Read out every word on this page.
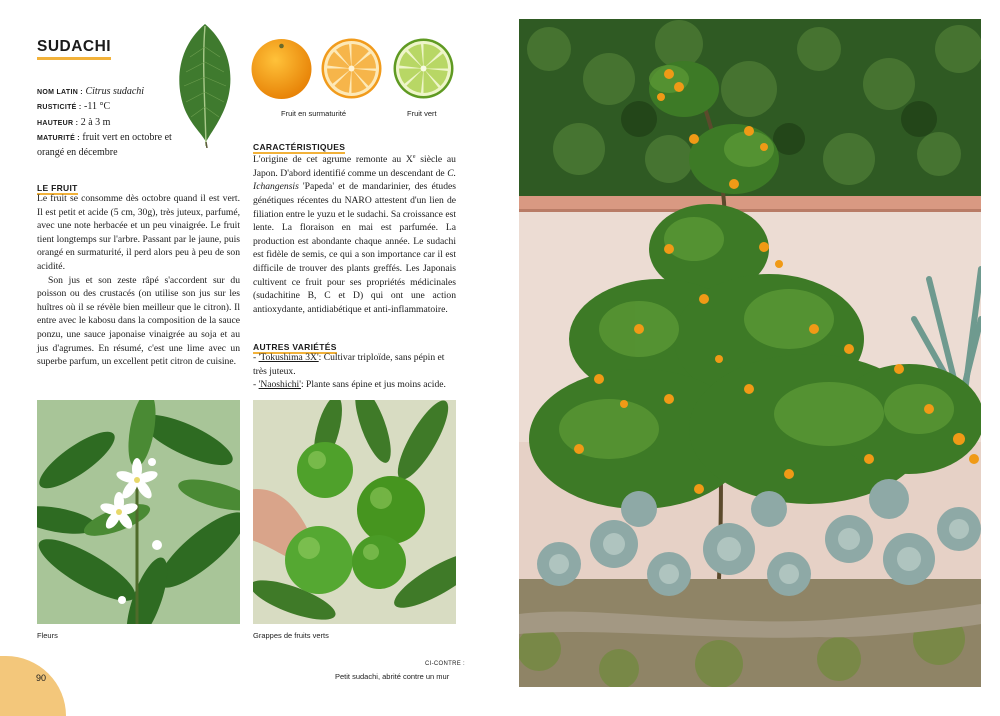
SUDACHI
NOM LATIN : Citrus sudachi
RUSTICITÉ : -11 °C
HAUTEUR : 2 à 3 m
MATURITÉ : fruit vert en octobre et orangé en décembre
Fruit en surmaturité	Fruit vert
LE FRUIT

Le fruit se consomme dès octobre quand il est vert. Il est petit et acide (5 cm, 30g), très juteux, parfumé, avec une note herbacée et un peu vinaigrée. Le fruit tient longtemps sur l'arbre. Passant par le jaune, puis orangé en surmaturité, il perd alors peu à peu de son acidité.

Son jus et son zeste râpé s'accordent sur du poisson ou des crustacés (on utilise son jus sur les huîtres où il se révèle bien meilleur que le citron). Il entre avec le kabosu dans la composition de la sauce ponzu, une sauce japonaise vinaigrée au soja et au jus d'agrumes. En résumé, c'est une lime avec un superbe parfum, un excellent petit citron de cuisine.

CARACTÉRISTIQUES

L'origine de cet agrume remonte au Xe siècle au Japon. D'abord identifié comme un descendant de C. Ichangensis 'Papeda' et de mandarinier, des études génétiques récentes du NARO attestent d'un lien de filiation entre le yuzu et le sudachi. Sa croissance est lente. La floraison en mai est parfumée. La production est abondante chaque année. Le sudachi est fidèle de semis, ce qui a son importance car il est difficile de trouver des plants greffés. Les Japonais cultivent ce fruit pour ses propriétés médicinales (sudachitine B, C et D) qui ont une action antioxydante, antidiabétique et anti-inflammatoire.

AUTRES VARIÉTÉS

- 'Tokushima 3X': Cultivar triploïde, sans pépin et très juteux.

- 'Naoshichi': Plante sans épine et jus moins acide.

Fleurs	Grappes de fruits verts
CI-CONTRE :
Petit sudachi, abrité contre un mur
90
